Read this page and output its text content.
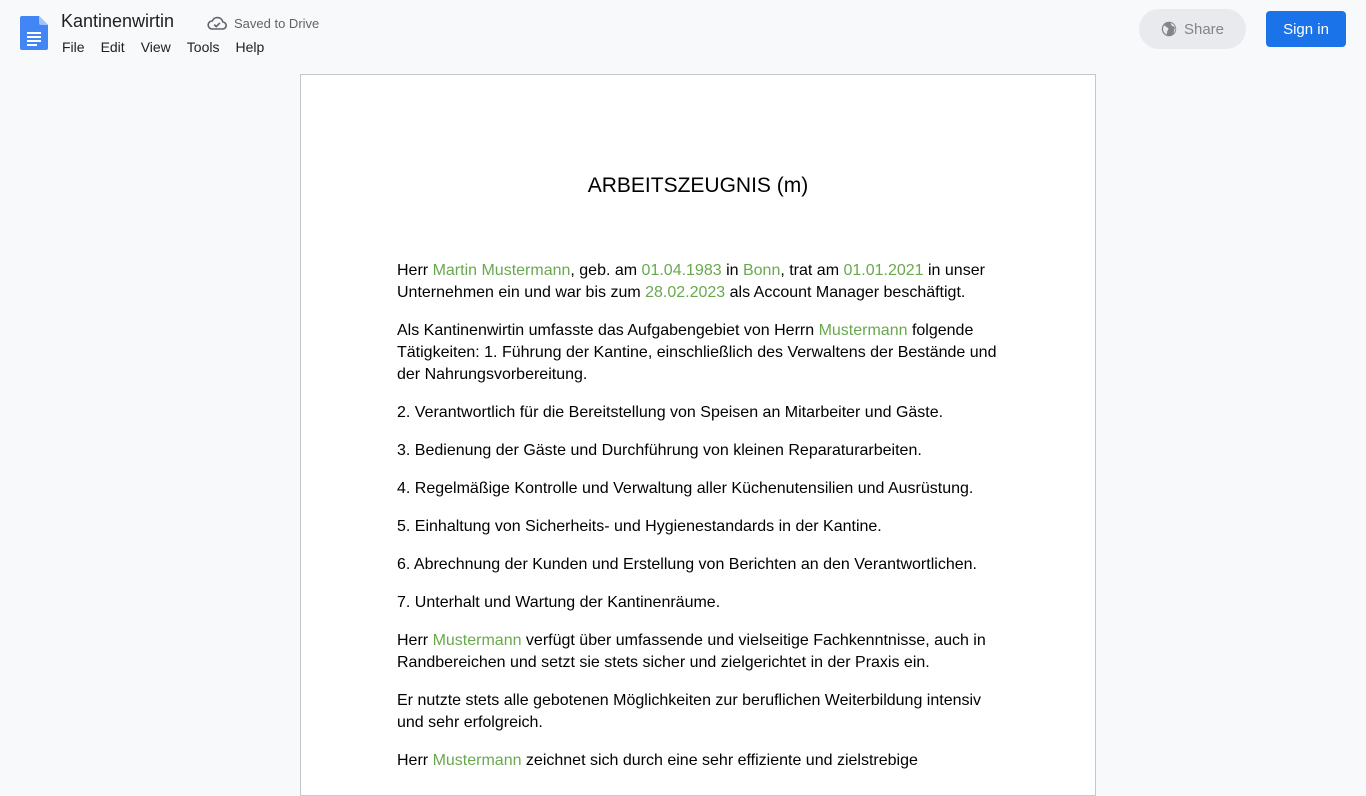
Kantinenwirtin	Saved to Drive
File	Edit	View	Tools	Help
Share	Sign in
ARBEITSZEUGNIS (m)

Herr Martin Mustermann, geb. am 01.04.1983 in Bonn, trat am 01.01.2021 in unser Unternehmen ein und war bis zum 28.02.2023 als Account Manager beschäftigt.

Als Kantinenwirtin umfasste das Aufgabengebiet von Herrn Mustermann folgende Tätigkeiten: 1. Führung der Kantine, einschließlich des Verwaltens der Bestände und der Nahrungsvorbereitung.

2. Verantwortlich für die Bereitstellung von Speisen an Mitarbeiter und Gäste.

3. Bedienung der Gäste und Durchführung von kleinen Reparaturarbeiten.

4. Regelmäßige Kontrolle und Verwaltung aller Küchenutensilien und Ausrüstung.

5. Einhaltung von Sicherheits- und Hygienestandards in der Kantine.

6. Abrechnung der Kunden und Erstellung von Berichten an den Verantwortlichen.

7. Unterhalt und Wartung der Kantinenräume.

Herr Mustermann verfügt über umfassende und vielseitige Fachkenntnisse, auch in Randbereichen und setzt sie stets sicher und zielgerichtet in der Praxis ein.

Er nutzte stets alle gebotenen Möglichkeiten zur beruflichen Weiterbildung intensiv und sehr erfolgreich.

Herr Mustermann zeichnet sich durch eine sehr effiziente und zielstrebige
